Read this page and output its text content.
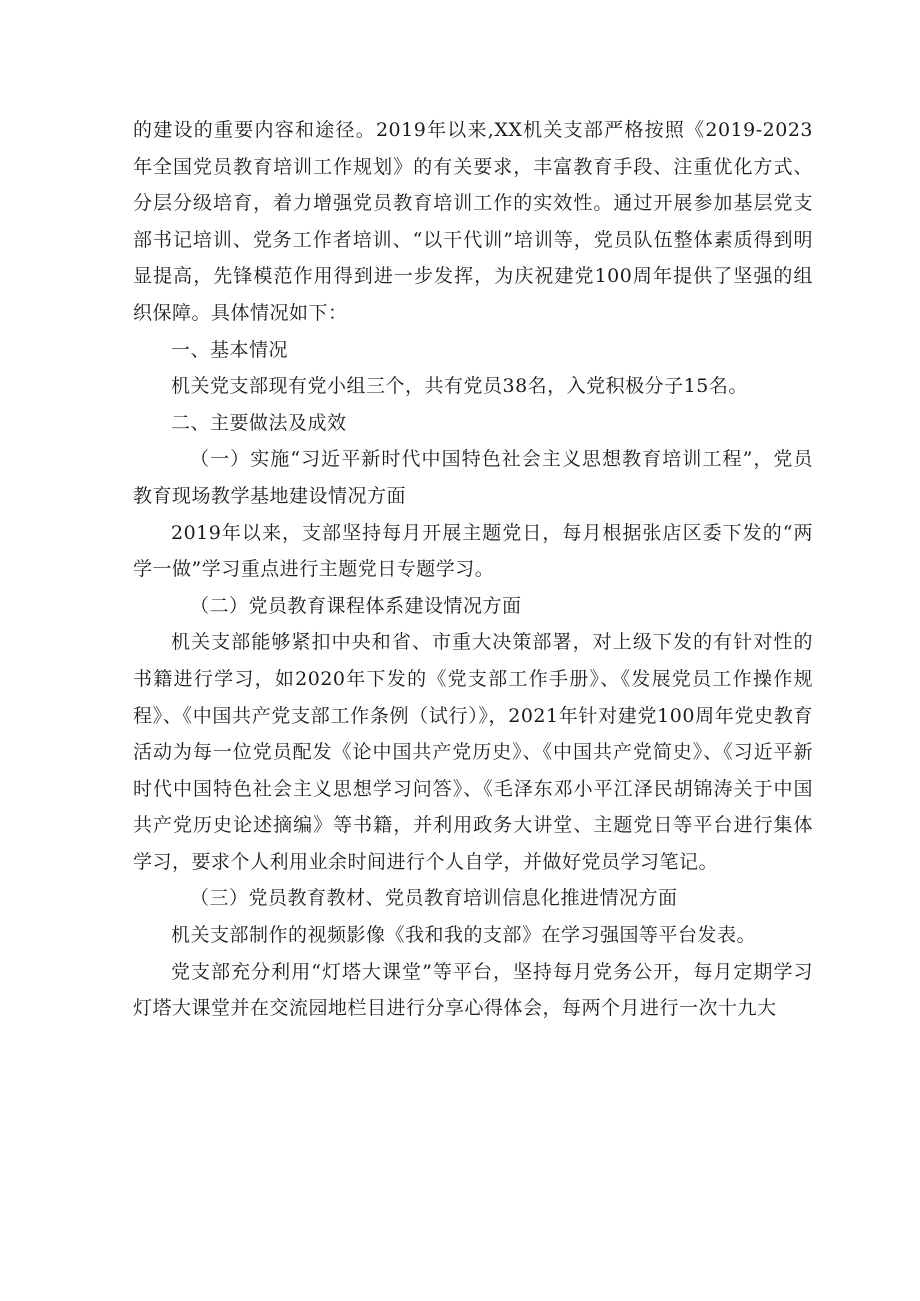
的建设的重要内容和途径。2019年以来,XX机关支部严格按照《2019-2023年全国党员教育培训工作规划》的有关要求，丰富教育手段、注重优化方式、分层分级培育，着力增强党员教育培训工作的实效性。通过开展参加基层党支部书记培训、党务工作者培训、“以干代训”培训等，党员队伍整体素质得到明显提高，先锋模范作用得到进一步发挥，为庆祝建党100周年提供了坚强的组织保障。具体情况如下：

一、基本情况

机关党支部现有党小组三个，共有党员38名，入党积极分子15名。

二、主要做法及成效

（一）实施“习近平新时代中国特色社会主义思想教育培训工程”，党员教育现场教学基地建设情况方面

2019年以来，支部坚持每月开展主题党日，每月根据张店区委下发的“两学一做”学习重点进行主题党日专题学习。

（二）党员教育课程体系建设情况方面

机关支部能够紧扣中央和省、市重大决策部署，对上级下发的有针对性的书籍进行学习，如2020年下发的《党支部工作手册》、《发展党员工作操作规程》、《中国共产党支部工作条例（试行）》，2021年针对建党100周年党史教育活动为每一位党员配发《论中国共产党历史》、《中国共产党简史》、《习近平新时代中国特色社会主义思想学习问答》、《毛泽东邓小平江泽民胡锦涛关于中国共产党历史论述摘编》等书籍，并利用政务大讲堂、主题党日等平台进行集体学习，要求个人利用业余时间进行个人自学，并做好党员学习笔记。

（三）党员教育教材、党员教育培训信息化推进情况方面

机关支部制作的视频影像《我和我的支部》在学习强国等平台发表。

党支部充分利用“灯塔大课堂”等平台，坚持每月党务公开，每月定期学习灯塔大课堂并在交流园地栏目进行分享心得体会，每两个月进行一次十九大
